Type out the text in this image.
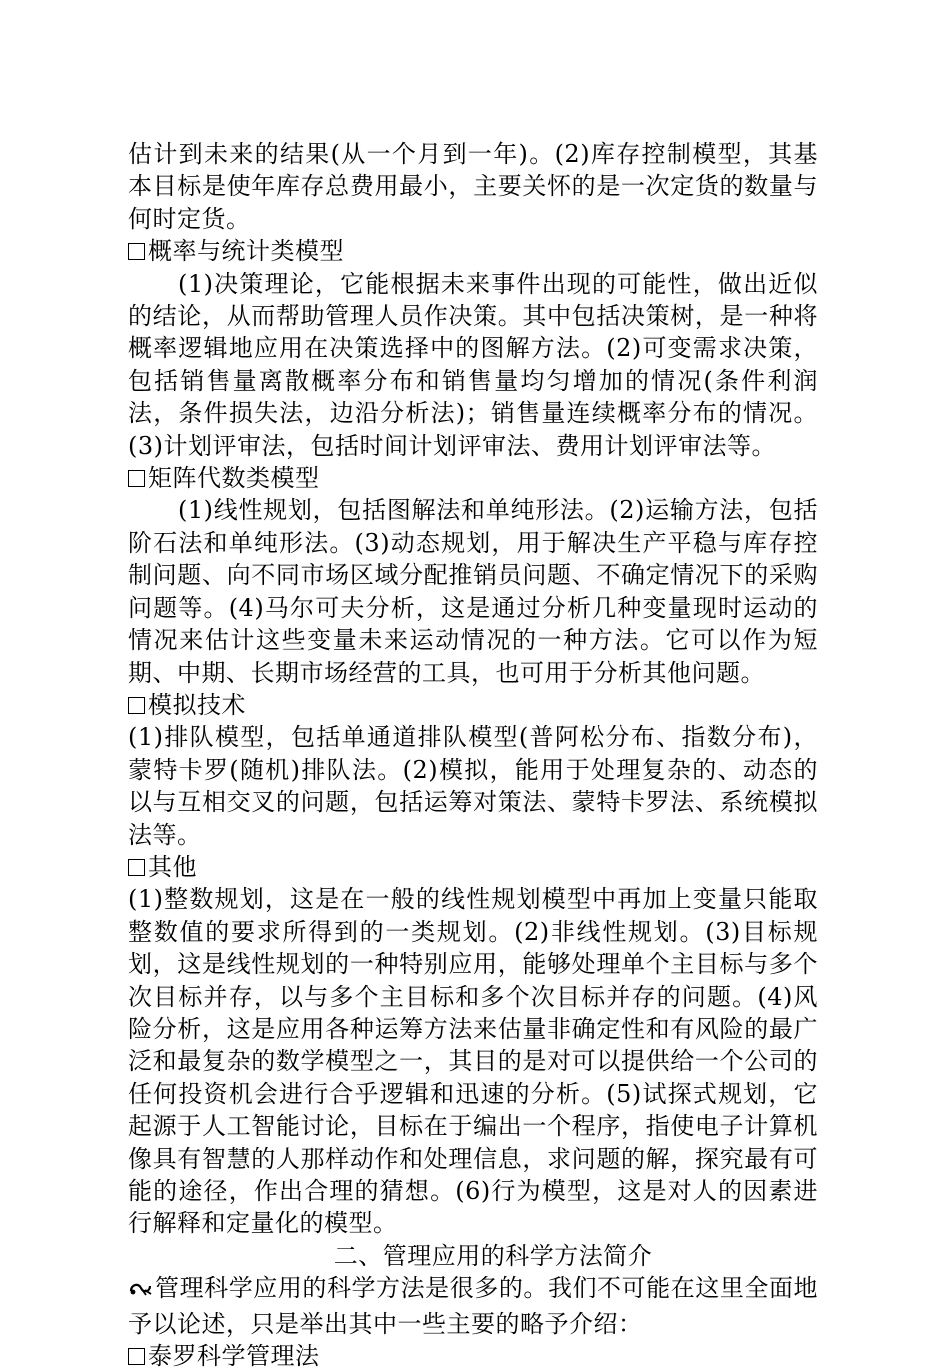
估计到未来的结果(从一个月到一年)。(2)库存控制模型，其基本目标是使年库存总费用最小，主要关怀的是一次定货的数量与何时定货。

概率与统计类模型

(1)决策理论，它能根据未来事件出现的可能性，做出近似的结论，从而帮助管理人员作决策。其中包括决策树，是一种将概率逻辑地应用在决策选择中的图解方法。(2)可变需求决策，包括销售量离散概率分布和销售量均匀增加的情况(条件利润法，条件损失法，边沿分析法)；销售量连续概率分布的情况。(3)计划评审法，包括时间计划评审法、费用计划评审法等。

矩阵代数类模型

(1)线性规划，包括图解法和单纯形法。(2)运输方法，包括阶石法和单纯形法。(3)动态规划，用于解决生产平稳与库存控制问题、向不同市场区域分配推销员问题、不确定情况下的采购问题等。(4)马尔可夫分析，这是通过分析几种变量现时运动的情况来估计这些变量未来运动情况的一种方法。它可以作为短期、中期、长期市场经营的工具，也可用于分析其他问题。

模拟技术

(1)排队模型，包括单通道排队模型(普阿松分布、指数分布)，蒙特卡罗(随机)排队法。(2)模拟，能用于处理复杂的、动态的以与互相交叉的问题，包括运筹对策法、蒙特卡罗法、系统模拟法等。

其他

(1)整数规划，这是在一般的线性规划模型中再加上变量只能取整数值的要求所得到的一类规划。(2)非线性规划。(3)目标规划，这是线性规划的一种特别应用，能够处理单个主目标与多个次目标并存，以与多个主目标和多个次目标并存的问题。(4)风险分析，这是应用各种运筹方法来估量非确定性和有风险的最广泛和最复杂的数学模型之一，其目的是对可以提供给一个公司的任何投资机会进行合乎逻辑和迅速的分析。(5)试探式规划，它起源于人工智能讨论，目标在于编出一个程序，指使电子计算机像具有智慧的人那样动作和处理信息，求问题的解，探究最有可能的途径，作出合理的猜想。(6)行为模型，这是对人的因素进行解释和定量化的模型。

二、管理应用的科学方法简介

管理科学应用的科学方法是很多的。我们不可能在这里全面地予以论述，只是举出其中一些主要的略予介绍：

泰罗科学管理法
